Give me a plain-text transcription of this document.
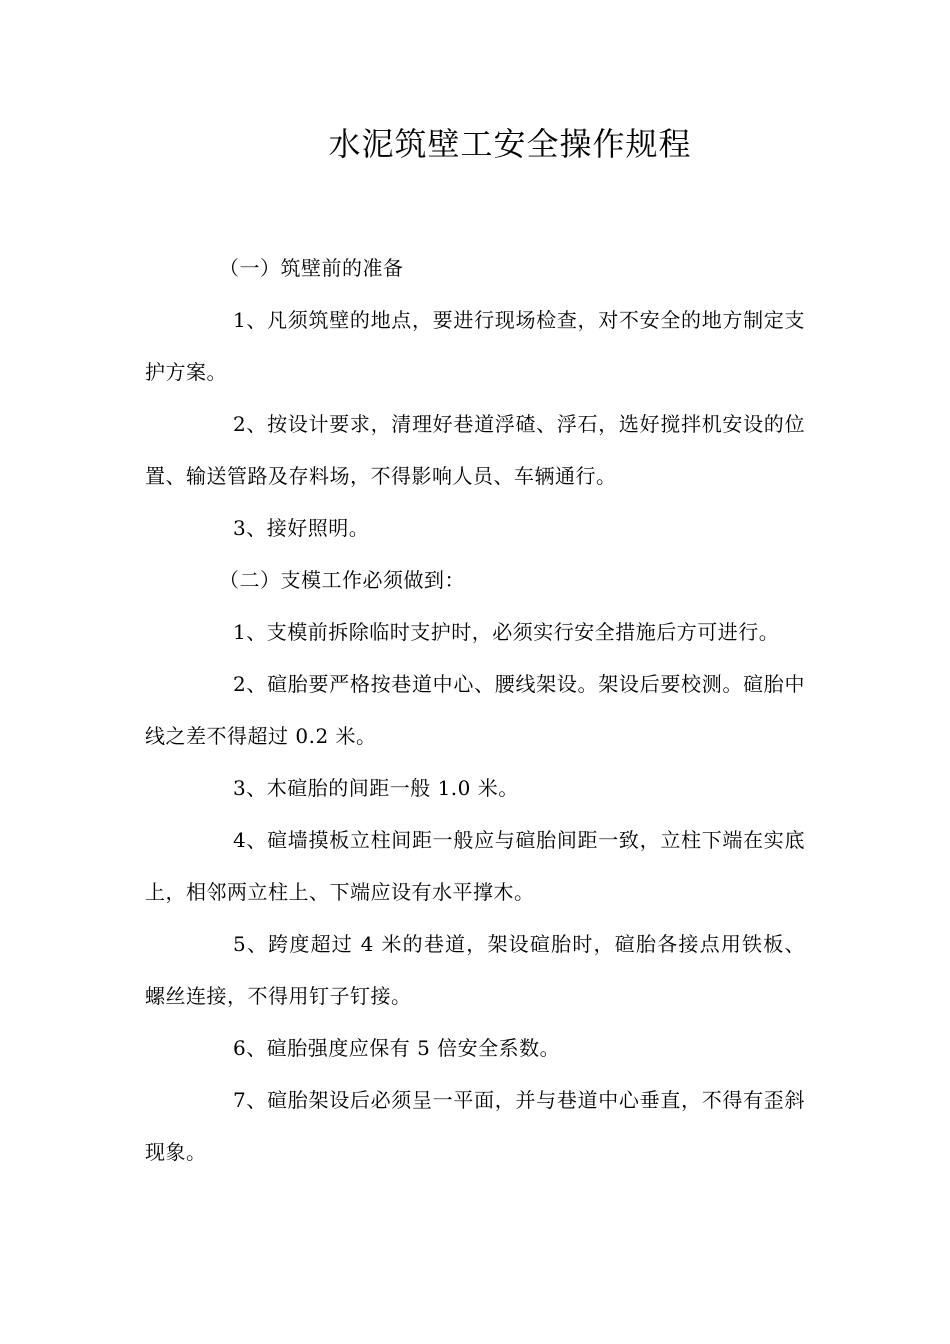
水泥筑壁工安全操作规程

（一）筑壁前的准备

1、凡须筑壁的地点，要进行现场检查，对不安全的地方制定支护方案。

2、按设计要求，清理好巷道浮碴、浮石，选好搅拌机安设的位置、输送管路及存料场，不得影响人员、车辆通行。

3、接好照明。

（二）支模工作必须做到：

1、支模前拆除临时支护时，必须实行安全措施后方可进行。

2、碹胎要严格按巷道中心、腰线架设。架设后要校测。碹胎中线之差不得超过 0.2 米。

3、木碹胎的间距一般 1.0 米。

4、碹墙摸板立柱间距一般应与碹胎间距一致，立柱下端在实底上，相邻两立柱上、下端应设有水平撑木。

5、跨度超过 4 米的巷道，架设碹胎时，碹胎各接点用铁板、螺丝连接，不得用钉子钉接。

6、碹胎强度应保有 5 倍安全系数。

7、碹胎架设后必须呈一平面，并与巷道中心垂直，不得有歪斜现象。
